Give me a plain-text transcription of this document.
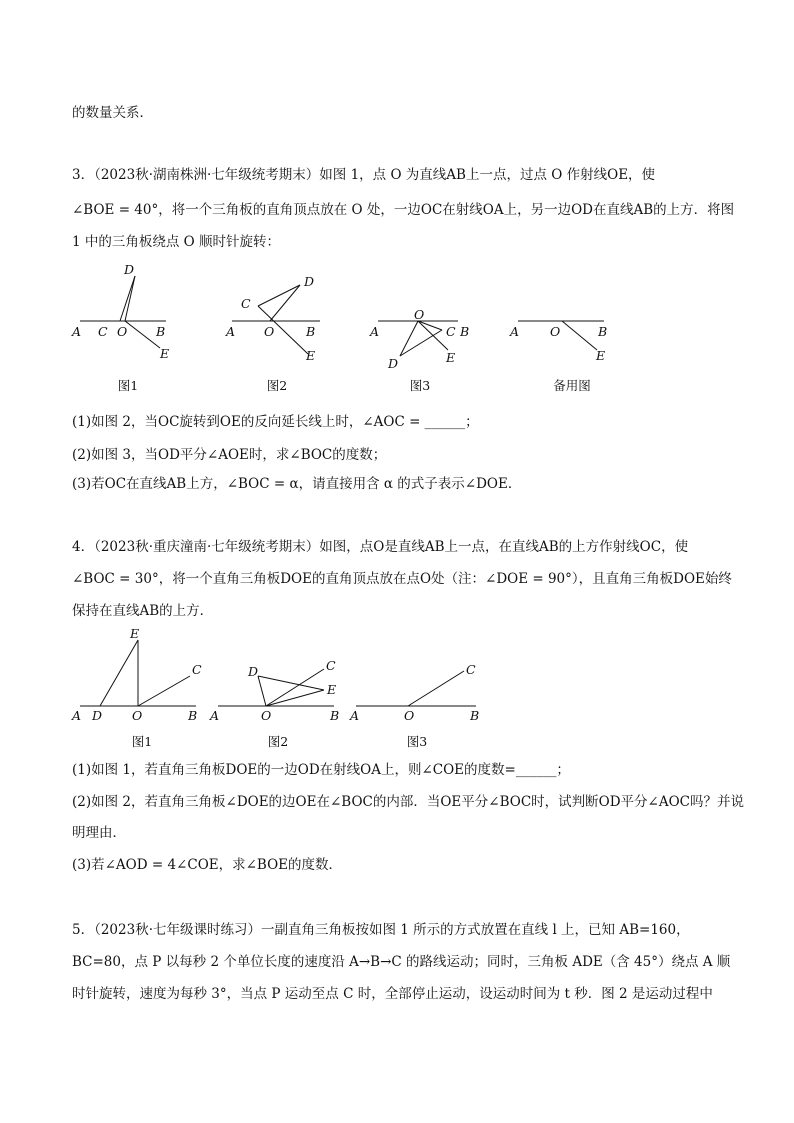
的数量关系．
3．（2023秋·湖南株洲·七年级统考期末）如图 1，点 O 为直线AB上一点，过点 O 作射线OE，使
∠BOE = 40°，将一个三角板的直角顶点放在 O 处，一边OC在射线OA上，另一边OD在直线AB的上方．将图
1 中的三角板绕点 O 顺时针旋转：
A C O B
D
E
A
C
O	B
D
E
A
O
C B
D	E
A O	B
E
图1	图2	图3	备用图
(1)如图 2，当OC旋转到OE的反向延长线上时，∠AOC = ______；
(2)如图 3，当OD平分∠AOE时，求∠BOC的度数；
(3)若OC在直线AB上方，∠BOC = α，请直接用含 α 的式子表示∠DOE．
4．（2023秋·重庆潼南·七年级统考期末）如图，点O是直线AB上一点，在直线AB的上方作射线OC，使
∠BOC = 30°，将一个直角三角板DOE的直角顶点放在点O处（注：∠DOE = 90°），且直角三角板DOE始终
保持在直线AB的上方．
A D O	B
E
C
A	O	B
D	C
E
A	O	B
C
图1	图2	图3
(1)如图 1，若直角三角板DOE的一边OD在射线OA上，则∠COE的度数=______；
(2)如图 2，若直角三角板∠DOE的边OE在∠BOC的内部．当OE平分∠BOC时，试判断OD平分∠AOC吗？并说
明理由．
(3)若∠AOD = 4∠COE，求∠BOE的度数．
5．（2023秋·七年级课时练习）一副直角三角板按如图 1 所示的方式放置在直线 l 上，已知 AB=160，
BC=80，点 P 以每秒 2 个单位长度的速度沿 A→B→C 的路线运动；同时，三角板 ADE（含 45°）绕点 A 顺
时针旋转，速度为每秒 3°，当点 P 运动至点 C 时，全部停止运动，设运动时间为 t 秒．图 2 是运动过程中
